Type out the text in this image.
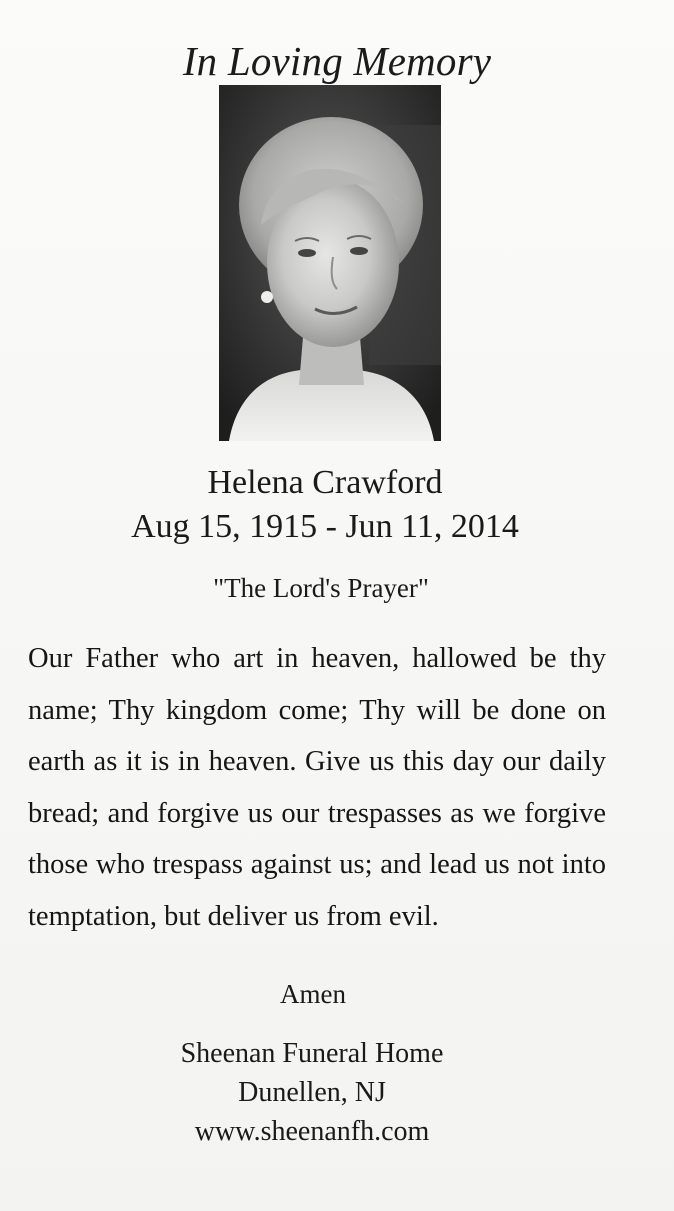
In Loving Memory
Helena Crawford
Aug 15, 1915 - Jun 11, 2014
"The Lord's Prayer"
Our Father who art in heaven, hallowed be thy name; Thy kingdom come; Thy will be done on earth as it is in heaven. Give us this day our daily bread; and forgive us our trespasses as we forgive those who trespass against us; and lead us not into temptation, but deliver us from evil.
Amen
Sheenan Funeral Home
Dunellen, NJ
www.sheenanfh.com
